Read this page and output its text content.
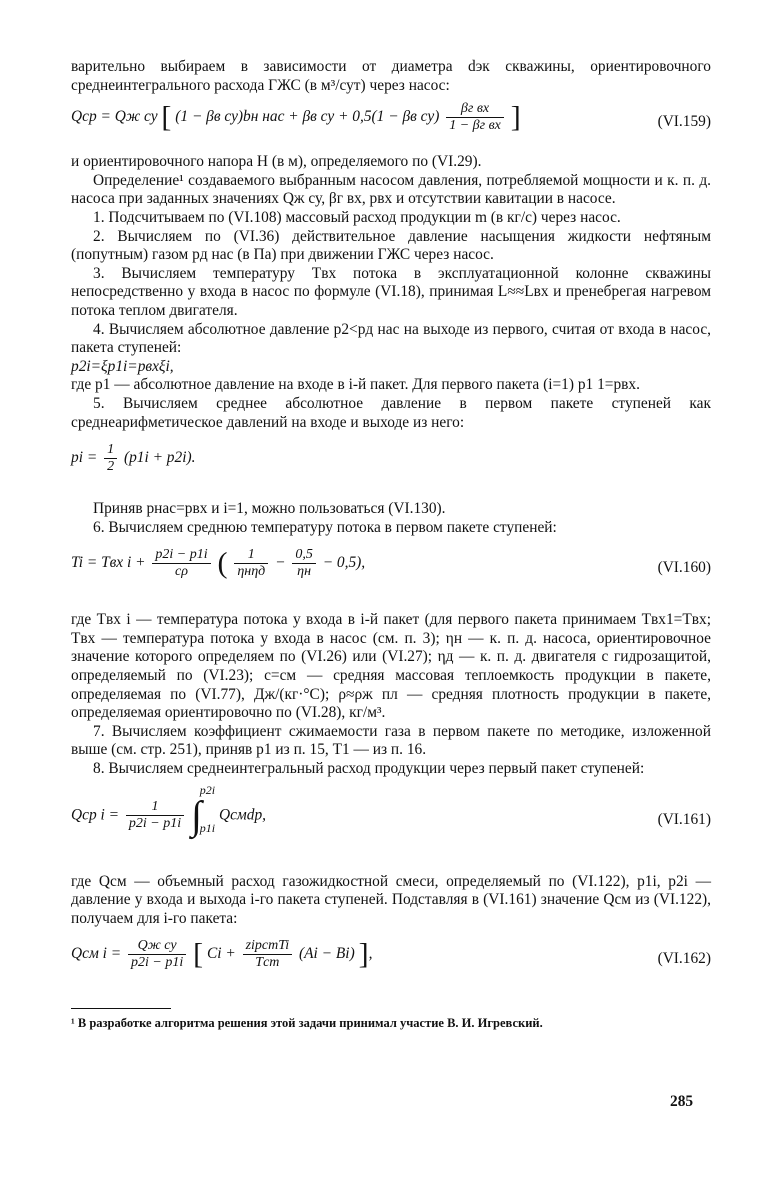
варительно выбираем в зависимости от диаметра dэк скважины, ориентировочного среднеинтегрального расхода ГЖС (в м³/сут) через насос:

Qср = Qж су [ (1 − βв су)bн нас + βв су + 0,5(1 − βв $су) \frac{\text{βг вх}}{\text{1 − βг вх}}$ ]	(VI.159)

и ориентировочного напора H (в м), определяемого по (VI.29).

Определение¹ создаваемого выбранным насосом давления, потребляемой мощности и к. п. д. насоса при заданных значениях Qж су, βг вх, pвх и отсутствии кавитации в насосе.

1. Подсчитываем по (VI.108) массовый расход продукции m (в кг/с) через насос.

2. Вычисляем по (VI.36) действительное давление насыщения жидкости нефтяным (попутным) газом pд нас (в Па) при движении ГЖС через насос.

3. Вычисляем температуру Tвх потока в эксплуатационной колонне скважины непосредственно у входа в насос по формуле (VI.18), принимая L≈≈Lвх и пренебрегая нагревом потока теплом двигателя.

4. Вычисляем абсолютное давление p2<pд нас на выходе из первого, считая от входа в насос, пакета ступеней:

p2i=ξp1i=pвхξi,

где p1 — абсолютное давление на входе в i-й пакет. Для первого пакета (i=1) p1 1=pвх.

5. Вычисляем среднее абсолютное давление в первом пакете ступеней как среднеарифметическое давлений на входе и выходе из него:

pi = $\frac{1}{2} (p1i + p2i)$.

Приняв pнас=pвх и i=1, можно пользоваться (VI.130).

6. Вычисляем среднюю температуру потока в первом пакете ступеней:

Ti = Tвх $i + \frac{p2i - p1i}{c\rho}$ ( $\frac{1}{\text{ηнηд}} - \frac{0,5}{\eta н} - 0,5$),	(VI.160)

где Tвх i — температура потока у входа в i-й пакет (для первого пакета принимаем Tвх1=Tвх; Tвх — температура потока у входа в насос (см. п. 3); ηн — к. п. д. насоса, ориентировочное значение которого определяем по (VI.26) или (VI.27); ηд — к. п. д. двигателя с гидрозащитой, определяемый по (VI.23); c=cм — средняя массовая теплоемкость продукции в пакете, определяемая по (VI.77), Дж/(кг·°С); ρ≈ρж пл — средняя плотность продукции в пакете, определяемая ориентировочно по (VI.28), кг/м³.

7. Вычисляем коэффициент сжимаемости газа в первом пакете по методике, изложенной выше (см. стр. 251), приняв p1 из п. 15, T1 — из п. 16.

8. Вычисляем среднеинтегральный расход продукции через первый пакет ступеней:

Qср $i = \frac{1}{p2i - p1i}$ ∫
p2i
p1i
Qсмdp,	(VI.161)

где Qсм — объемный расход газожидкостной смеси, определяемый по (VI.122), p1i, p2i — давление у входа и выхода i-го пакета ступеней. Подставляя в (VI.161) значение Qсм из (VI.122), получаем для i-го пакета:

Qсм $i = \frac{\text{Qж су}}{p2i - p1i}$ [ $Ci + \frac{\text{zipстTi}}{\text{Tст}} (Ai - Bi)$ ],	(VI.162)

¹ В разработке алгоритма решения этой задачи принимал участие В. И. Игревский.

285
